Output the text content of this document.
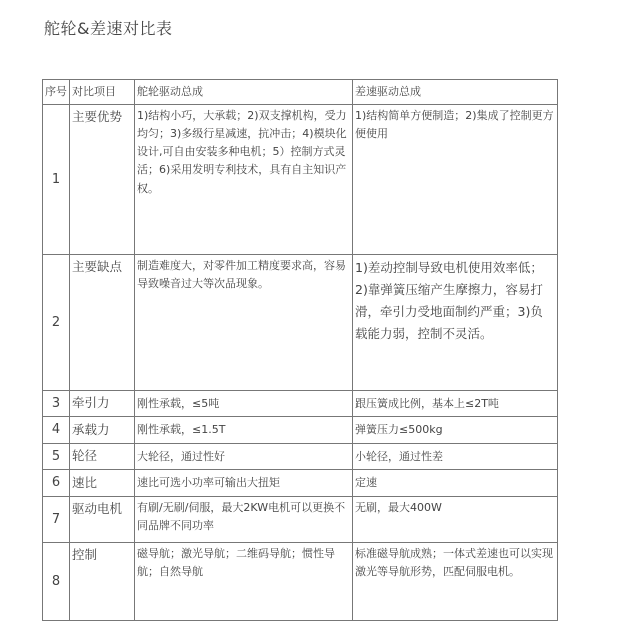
舵轮&差速对比表
序号	对比项目	舵轮驱动总成	差速驱动总成
1	主要优势	1)结构小巧，大承载；2)双支撑机构，受力均匀；3)多级行星减速，抗冲击；4)模块化设计,可自由安装多种电机；5）控制方式灵活；6)采用发明专利技术，具有自主知识产权。	1)结构简单方便制造；2)集成了控制更方便使用
2	主要缺点	制造难度大，对零件加工精度要求高，容易导致噪音过大等次品现象。	1)差动控制导致电机使用效率低；2)靠弹簧压缩产生摩擦力，容易打滑，牵引力受地面制约严重；3)负载能力弱，控制不灵活。
3	牵引力	刚性承载，≤5吨	跟压簧成比例，基本上≤2T吨
4	承载力	刚性承载，≤1.5T	弹簧压力≤500kg
5	轮径	大轮径，通过性好	小轮径，通过性差
6	速比	速比可选小功率可输出大扭矩	定速
7	驱动电机	有刷/无刷/伺服，最大2KW电机可以更换不同品牌不同功率	无刷，最大400W
8	控制	磁导航；激光导航；二维码导航；惯性导航；自然导航	标准磁导航成熟；一体式差速也可以实现激光等导航形势，匹配伺服电机。
